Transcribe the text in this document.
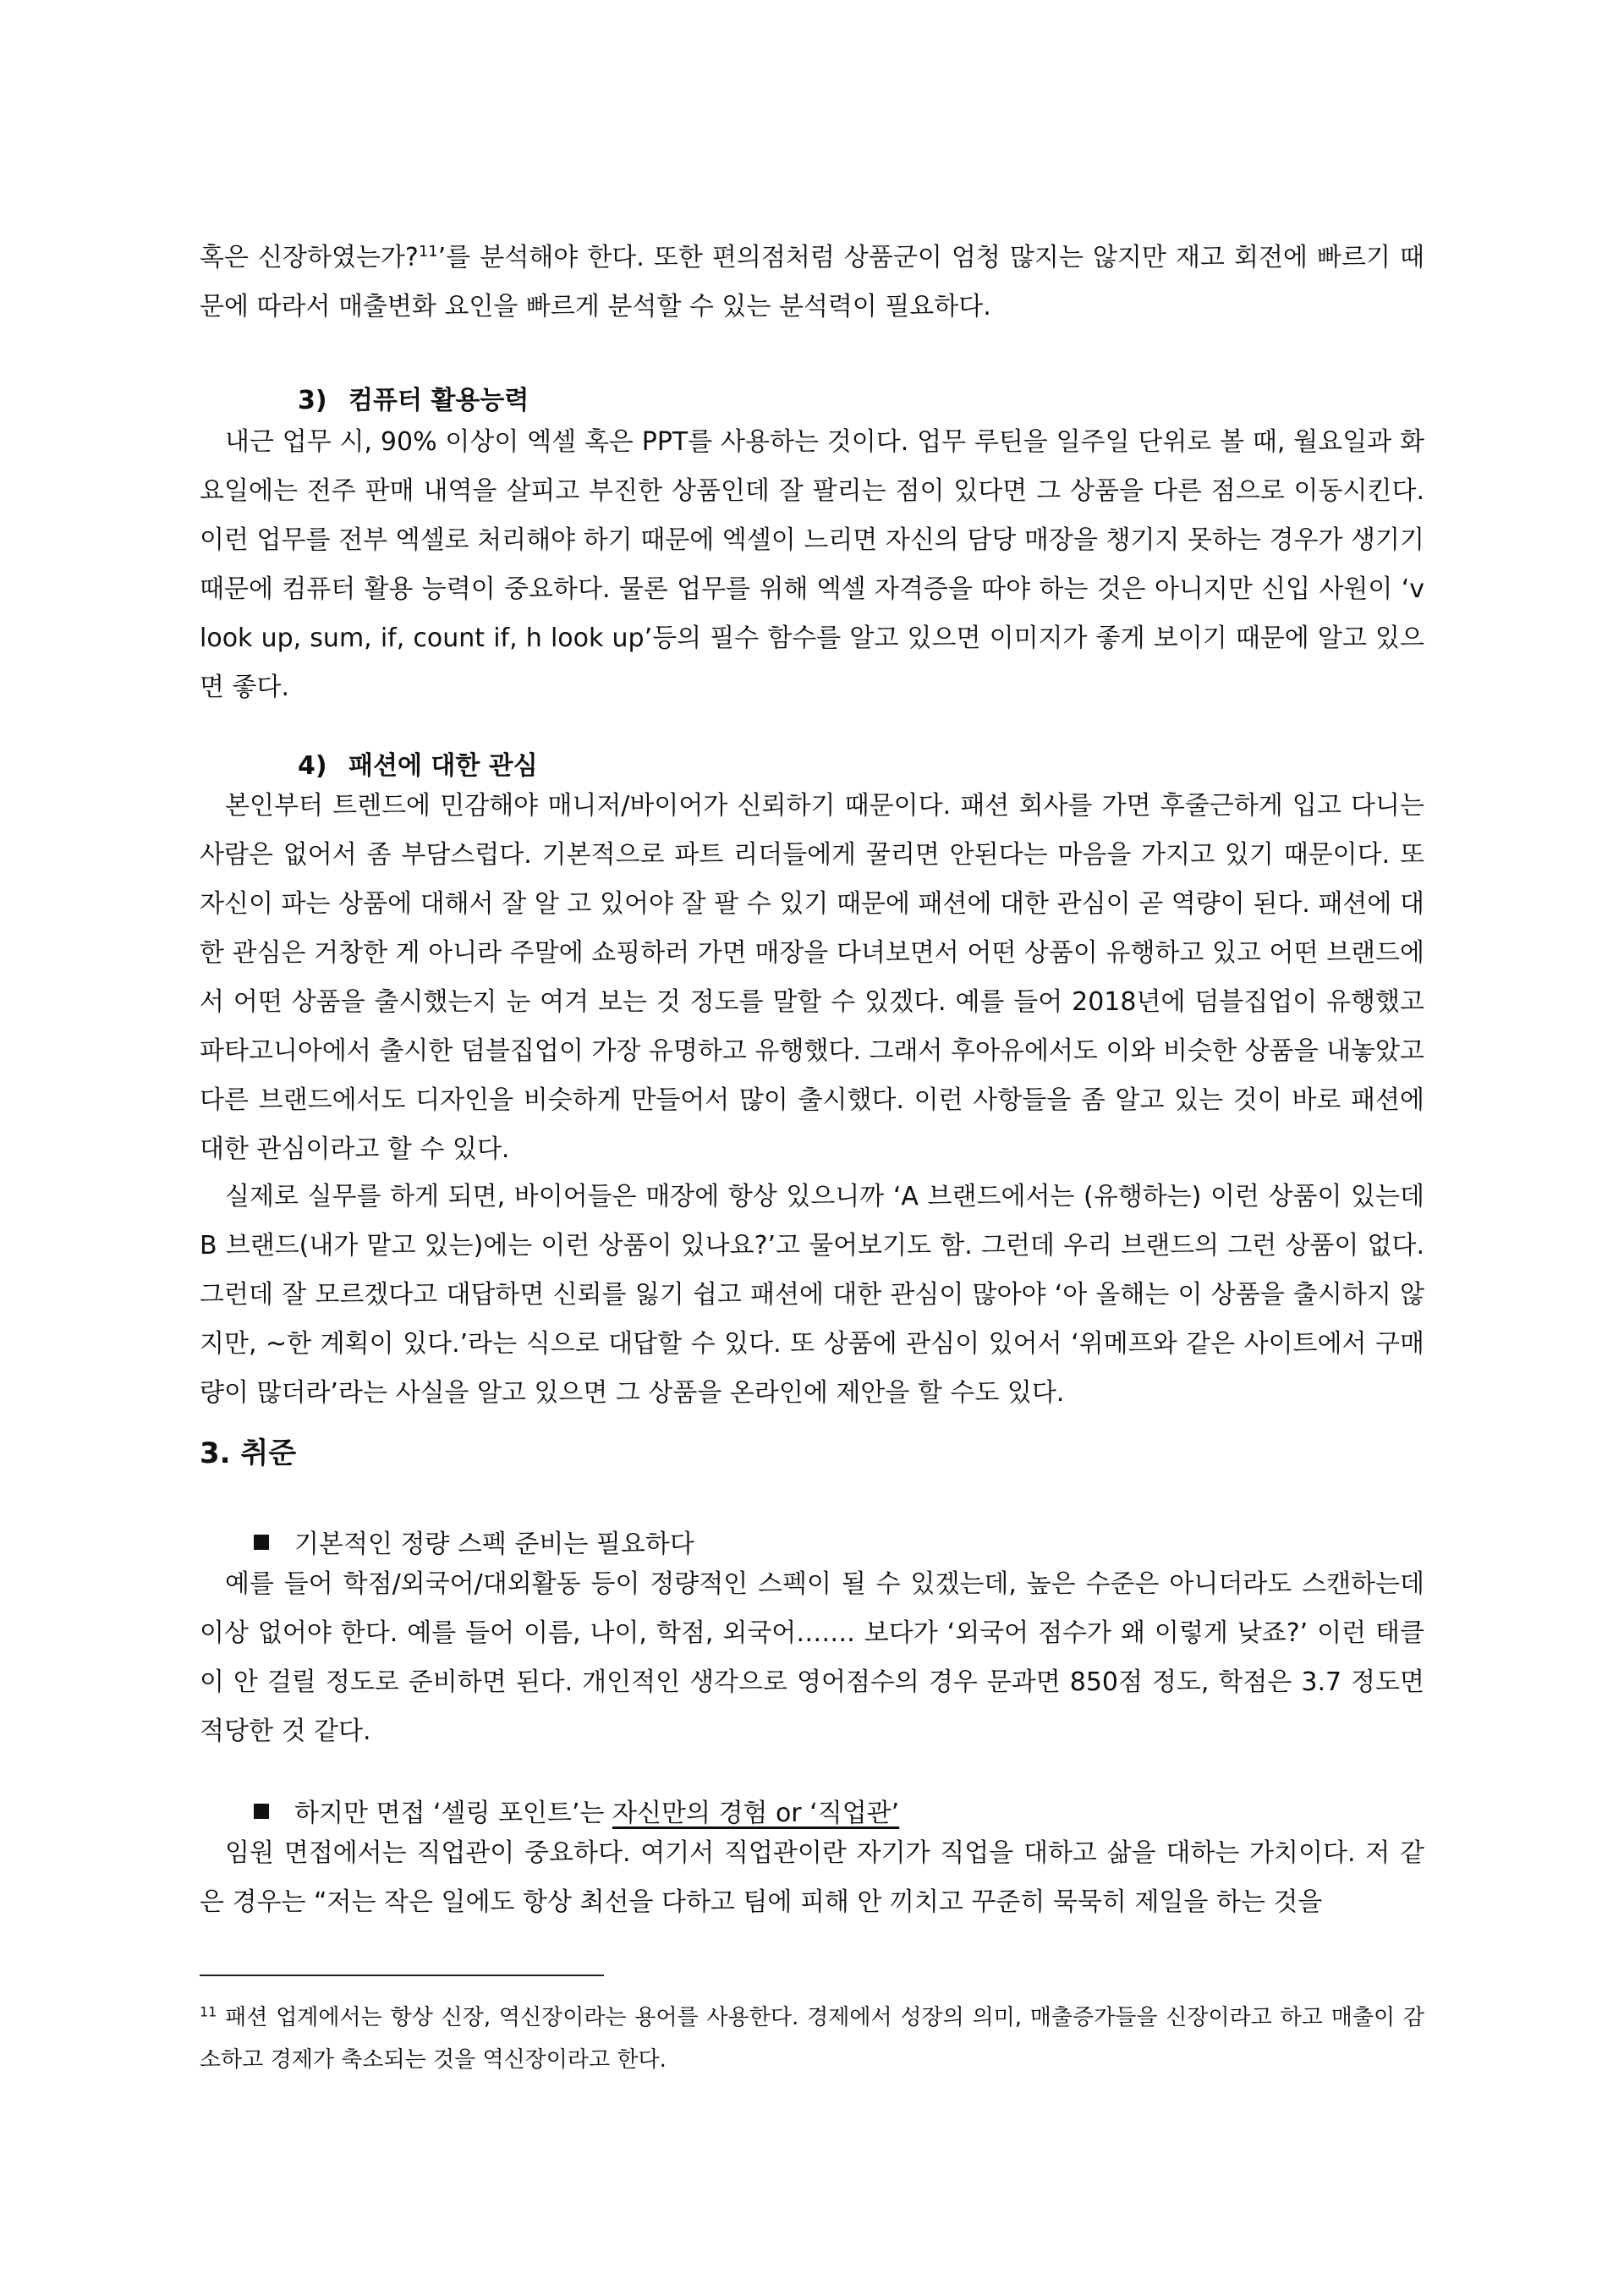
혹은 신장하였는가?$^{11}$’를 분석해야 한다. 또한 편의점처럼 상품군이 엄청 많지는 않지만 재고 회전에 빠르기 때문에 따라서 매출변화 요인을 빠르게 분석할 수 있는 분석력이 필요하다.

3) 컴퓨터 활용능력

내근 업무 시, 90% 이상이 엑셀 혹은 PPT를 사용하는 것이다. 업무 루틴을 일주일 단위로 볼 때, 월요일과 화요일에는 전주 판매 내역을 살피고 부진한 상품인데 잘 팔리는 점이 있다면 그 상품을 다른 점으로 이동시킨다. 이런 업무를 전부 엑셀로 처리해야 하기 때문에 엑셀이 느리면 자신의 담당 매장을 챙기지 못하는 경우가 생기기 때문에 컴퓨터 활용 능력이 중요하다. 물론 업무를 위해 엑셀 자격증을 따야 하는 것은 아니지만 신입 사원이 ‘v look up, sum, if, count if, h look up’등의 필수 함수를 알고 있으면 이미지가 좋게 보이기 때문에 알고 있으면 좋다.

4) 패션에 대한 관심

본인부터 트렌드에 민감해야 매니저/바이어가 신뢰하기 때문이다. 패션 회사를 가면 후줄근하게 입고 다니는 사람은 없어서 좀 부담스럽다. 기본적으로 파트 리더들에게 꿀리면 안된다는 마음을 가지고 있기 때문이다. 또 자신이 파는 상품에 대해서 잘 알 고 있어야 잘 팔 수 있기 때문에 패션에 대한 관심이 곧 역량이 된다. 패션에 대한 관심은 거창한 게 아니라 주말에 쇼핑하러 가면 매장을 다녀보면서 어떤 상품이 유행하고 있고 어떤 브랜드에서 어떤 상품을 출시했는지 눈 여겨 보는 것 정도를 말할 수 있겠다. 예를 들어 2018년에 덤블집업이 유행했고 파타고니아에서 출시한 덤블집업이 가장 유명하고 유행했다. 그래서 후아유에서도 이와 비슷한 상품을 내놓았고 다른 브랜드에서도 디자인을 비슷하게 만들어서 많이 출시했다. 이런 사항들을 좀 알고 있는 것이 바로 패션에 대한 관심이라고 할 수 있다.

실제로 실무를 하게 되면, 바이어들은 매장에 항상 있으니까 ‘A 브랜드에서는 (유행하는) 이런 상품이 있는데 B 브랜드(내가 맡고 있는)에는 이런 상품이 있나요?’고 물어보기도 함. 그런데 우리 브랜드의 그런 상품이 없다. 그런데 잘 모르겠다고 대답하면 신뢰를 잃기 쉽고 패션에 대한 관심이 많아야 ‘아 올해는 이 상품을 출시하지 않지만, ~한 계획이 있다.’라는 식으로 대답할 수 있다. 또 상품에 관심이 있어서 ‘위메프와 같은 사이트에서 구매량이 많더라’라는 사실을 알고 있으면 그 상품을 온라인에 제안을 할 수도 있다.

3. 취준
기본적인 정량 스펙 준비는 필요하다

예를 들어 학점/외국어/대외활동 등이 정량적인 스펙이 될 수 있겠는데, 높은 수준은 아니더라도 스캔하는데 이상 없어야 한다. 예를 들어 이름, 나이, 학점, 외국어……. 보다가 ‘외국어 점수가 왜 이렇게 낮죠?’ 이런 태클이 안 걸릴 정도로 준비하면 된다. 개인적인 생각으로 영어점수의 경우 문과면 850점 정도, 학점은 3.7 정도면 적당한 것 같다.

하지만 면접 ‘셀링 포인트’는 자신만의 경험 or ‘직업관’

임원 면접에서는 직업관이 중요하다. 여기서 직업관이란 자기가 직업을 대하고 삶을 대하는 가치이다. 저 같은 경우는 “저는 작은 일에도 항상 최선을 다하고 팀에 피해 안 끼치고 꾸준히 묵묵히 제일을 하는 것을

$^{11}$ 패션 업계에서는 항상 신장, 역신장이라는 용어를 사용한다. 경제에서 성장의 의미, 매출증가들을 신장이라고 하고 매출이 감소하고 경제가 축소되는 것을 역신장이라고 한다.
